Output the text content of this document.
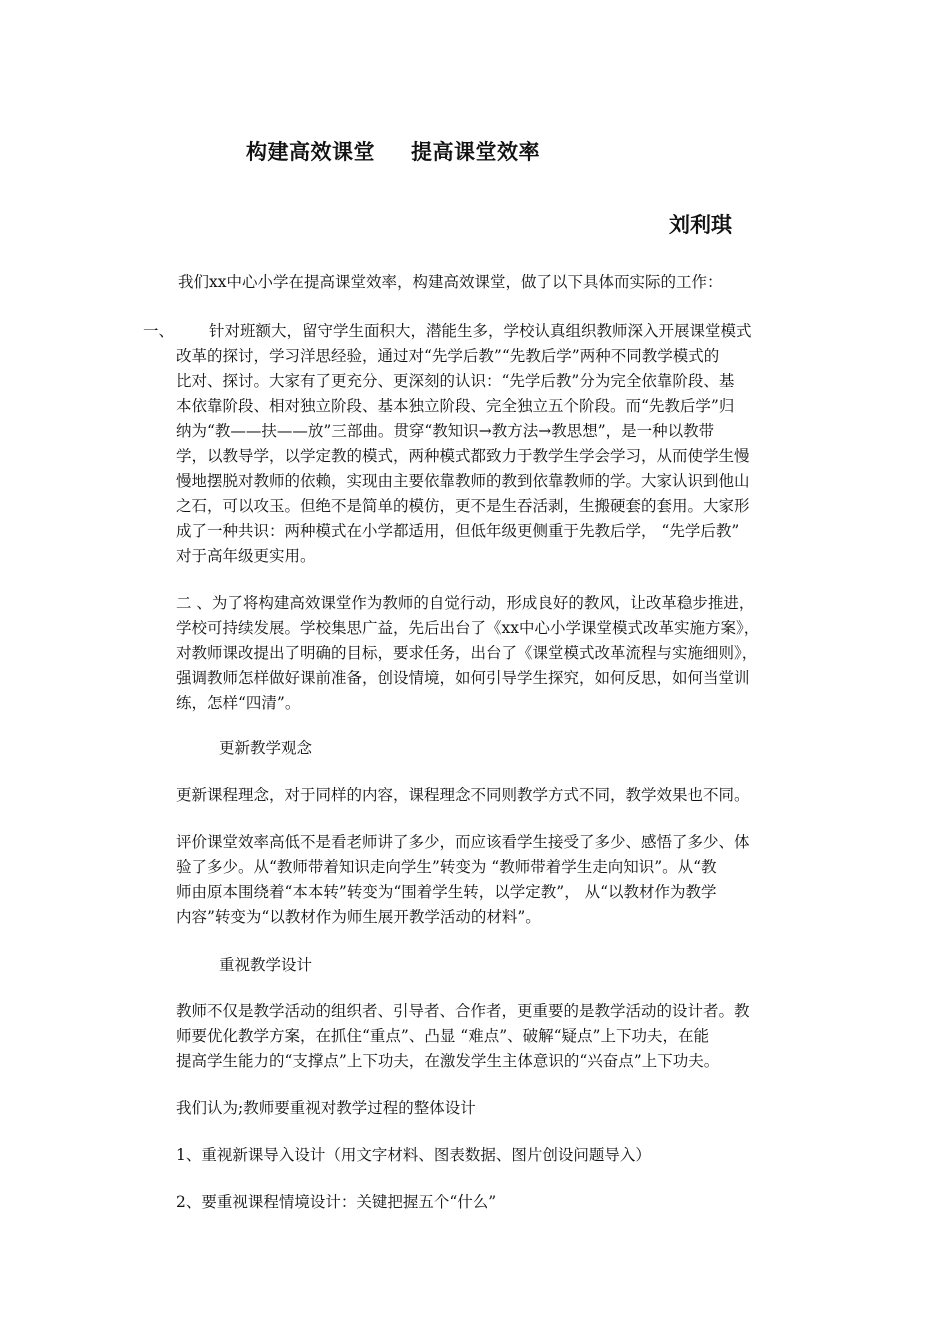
构建高效课堂 提高课堂效率
刘利琪

我们xx中心小学在提高课堂效率，构建高效课堂，做了以下具体而实际的工作：

一、	针对班额大，留守学生面积大，潜能生多，学校认真组织教师深入开展课堂模式
改革的探讨，学习洋思经验，通过对“先学后教”“先教后学”两种不同教学模式的
比对、探讨。大家有了更充分、更深刻的认识：“先学后教”分为完全依靠阶段、基
本依靠阶段、相对独立阶段、基本独立阶段、完全独立五个阶段。而“先教后学”归
纳为“教——扶——放”三部曲。贯穿“教知识→教方法→教思想”，是一种以教带
学，以教导学，以学定教的模式，两种模式都致力于教学生学会学习，从而使学生慢
慢地摆脱对教师的依赖，实现由主要依靠教师的教到依靠教师的学。大家认识到他山
之石，可以攻玉。但绝不是简单的模仿，更不是生吞活剥，生搬硬套的套用。大家形
成了一种共识：两种模式在小学都适用，但低年级更侧重于先教后学， “先学后教”
对于高年级更实用。
二 、为了将构建高效课堂作为教师的自觉行动，形成良好的教风，让改革稳步推进，
学校可持续发展。学校集思广益，先后出台了《xx中心小学课堂模式改革实施方案》，
对教师课改提出了明确的目标，要求任务，出台了《课堂模式改革流程与实施细则》，
强调教师怎样做好课前准备，创设情境，如何引导学生探究，如何反思，如何当堂训
练，怎样“四清”。
更新教学观念

更新课程理念，对于同样的内容，课程理念不同则教学方式不同，教学效果也不同。

评价课堂效率高低不是看老师讲了多少，而应该看学生接受了多少、感悟了多少、体
验了多少。从“教师带着知识走向学生”转变为 “教师带着学生走向知识”。从“教
师由原本围绕着“本本转”转变为“围着学生转，以学定教”， 从“以教材作为教学
内容”转变为“以教材作为师生展开教学活动的材料”。
重视教学设计
教师不仅是教学活动的组织者、引导者、合作者，更重要的是教学活动的设计者。教
师要优化教学方案，在抓住“重点”、凸显 “难点”、破解“疑点”上下功夫，在能
提高学生能力的“支撑点”上下功夫，在激发学生主体意识的“兴奋点”上下功夫。

我们认为;教师要重视对教学过程的整体设计

1、重视新课导入设计（用文字材料、图表数据、图片创设问题导入）

2、要重视课程情境设计：关键把握五个“什么”
